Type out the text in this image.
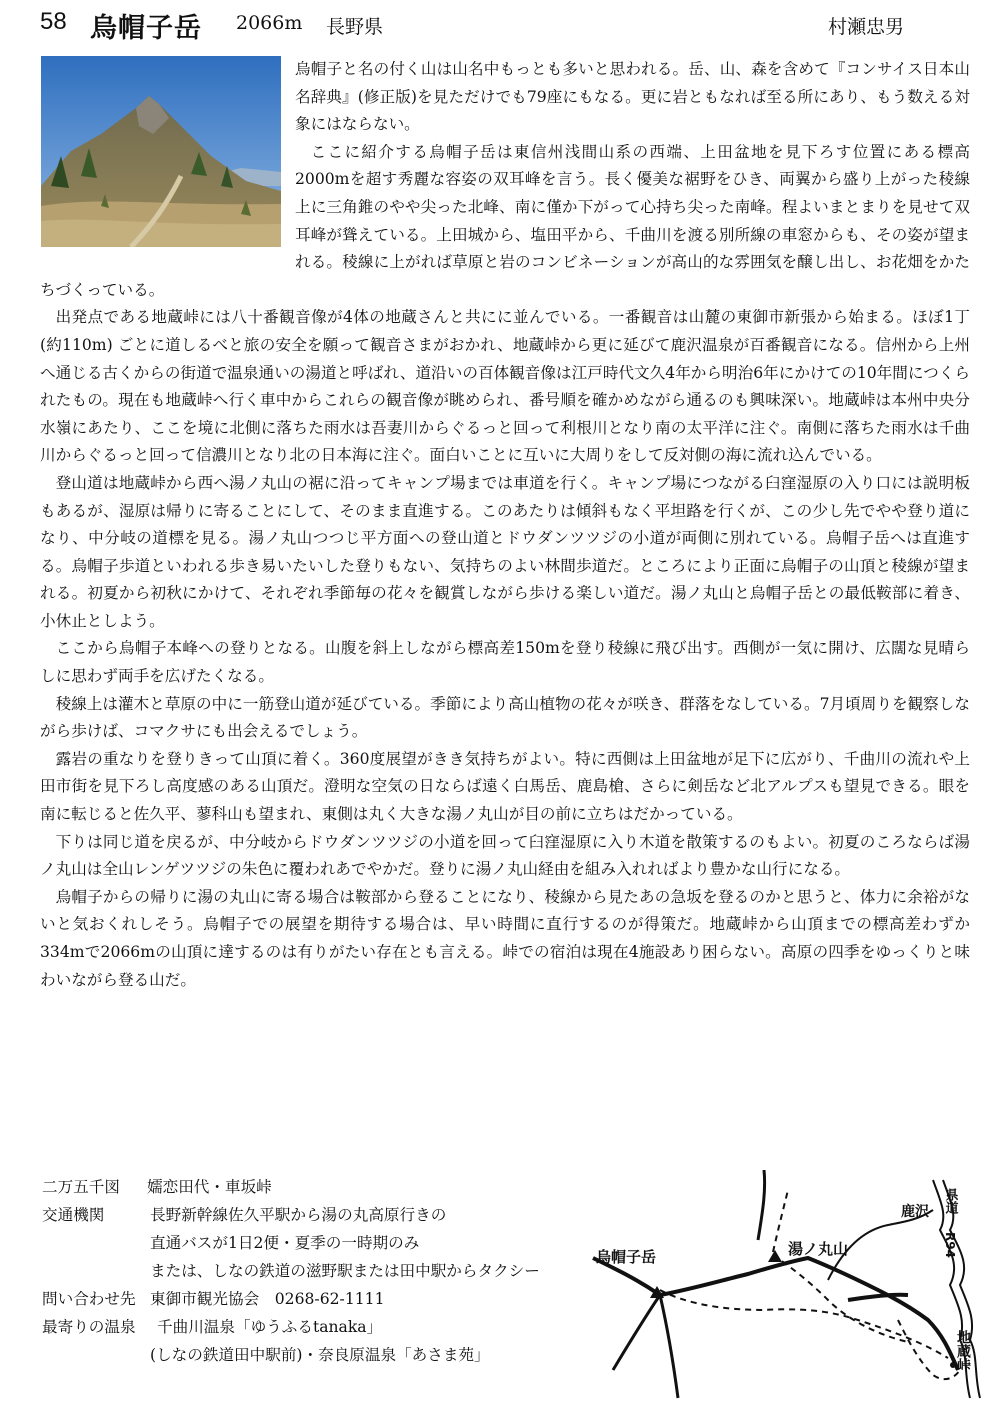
58 烏帽子岳 2066m 長野県	村瀬忠男

烏帽子と名の付く山は山名中もっとも多いと思われる。岳、山、森を含めて『コンサイス日本山名辞典』(修正版)を見ただけでも79座にもなる。更に岩ともなれば至る所にあり、もう数える対象にはならない。

ここに紹介する烏帽子岳は東信州浅間山系の西端、上田盆地を見下ろす位置にある標高2000mを超す秀麗な容姿の双耳峰を言う。長く優美な裾野をひき、両翼から盛り上がった稜線上に三角錐のやや尖った北峰、南に僅か下がって心持ち尖った南峰。程よいまとまりを見せて双耳峰が聳えている。上田城から、塩田平から、千曲川を渡る別所線の車窓からも、その姿が望まれる。稜線に上がれば草原と岩のコンビネーションが高山的な雰囲気を醸し出し、お花畑をかたちづくっている。

出発点である地蔵峠には八十番観音像が4体の地蔵さんと共にに並んでいる。一番観音は山麓の東御市新張から始まる。ほぼ1丁(約110m) ごとに道しるべと旅の安全を願って観音さまがおかれ、地蔵峠から更に延びて鹿沢温泉が百番観音になる。信州から上州へ通じる古くからの街道で温泉通いの湯道と呼ばれ、道沿いの百体観音像は江戸時代文久4年から明治6年にかけての10年間につくられたもの。現在も地蔵峠へ行く車中からこれらの観音像が眺められ、番号順を確かめながら通るのも興味深い。地蔵峠は本州中央分水嶺にあたり、ここを境に北側に落ちた雨水は吾妻川からぐるっと回って利根川となり南の太平洋に注ぐ。南側に落ちた雨水は千曲川からぐるっと回って信濃川となり北の日本海に注ぐ。面白いことに互いに大周りをして反対側の海に流れ込んでいる。

登山道は地蔵峠から西へ湯ノ丸山の裾に沿ってキャンプ場までは車道を行く。キャンプ場につながる臼窪湿原の入り口には説明板もあるが、湿原は帰りに寄ることにして、そのまま直進する。このあたりは傾斜もなく平坦路を行くが、この少し先でやや登り道になり、中分岐の道標を見る。湯ノ丸山つつじ平方面への登山道とドウダンツツジの小道が両側に別れている。烏帽子岳へは直進する。烏帽子歩道といわれる歩き易いたいした登りもない、気持ちのよい林間歩道だ。ところにより正面に烏帽子の山頂と稜線が望まれる。初夏から初秋にかけて、それぞれ季節毎の花々を観賞しながら歩ける楽しい道だ。湯ノ丸山と烏帽子岳との最低鞍部に着き、小休止としよう。

ここから烏帽子本峰への登りとなる。山腹を斜上しながら標高差150mを登り稜線に飛び出す。西側が一気に開け、広闊な見晴らしに思わず両手を広げたくなる。

稜線上は灌木と草原の中に一筋登山道が延びている。季節により高山植物の花々が咲き、群落をなしている。7月頃周りを観察しながら歩けば、コマクサにも出会えるでしょう。

露岩の重なりを登りきって山頂に着く。360度展望がきき気持ちがよい。特に西側は上田盆地が足下に広がり、千曲川の流れや上田市街を見下ろし高度感のある山頂だ。澄明な空気の日ならば遠く白馬岳、鹿島槍、さらに剣岳など北アルプスも望見できる。眼を南に転じると佐久平、蓼科山も望まれ、東側は丸く大きな湯ノ丸山が目の前に立ちはだかっている。

下りは同じ道を戻るが、中分岐からドウダンツツジの小道を回って臼窪湿原に入り木道を散策するのもよい。初夏のころならば湯ノ丸山は全山レンゲツツジの朱色に覆われあでやかだ。登りに湯ノ丸山経由を組み入れればより豊かな山行になる。

烏帽子からの帰りに湯の丸山に寄る場合は鞍部から登ることになり、稜線から見たあの急坂を登るのかと思うと、体力に余裕がないと気おくれしそう。烏帽子での展望を期待する場合は、早い時間に直行するのが得策だ。地蔵峠から山頂までの標高差わずか334mで2066mの山頂に達するのは有りがたい存在とも言える。峠での宿泊は現在4施設あり困らない。高原の四季をゆっくりと味わいながら登る山だ。

二万五千図 嬬恋田代・車坂峠
交通機関	長野新幹線佐久平駅から湯の丸高原行きの
直通バスが1日2便・夏季の一時期のみ
または、しなの鉄道の滋野駅または田中駅からタクシー
問い合わせ先 東御市観光協会　0268-62-1111
最寄りの温泉 千曲川温泉「ゆうふるtanaka」
(しなの鉄道田中駅前)・奈良原温泉「あさま苑」
烏帽子岳	湯ノ丸山
鹿沢 県道
R94
地蔵峠
